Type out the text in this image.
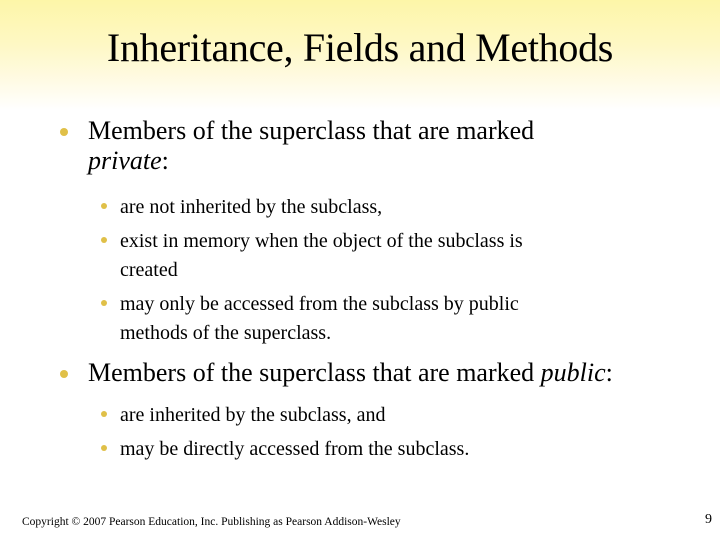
Inheritance, Fields and Methods
Members of the superclass that are marked
private:
are not inherited by the subclass,
exist in memory when the object of the subclass is
created
may only be accessed from the subclass by public
methods of the superclass.
Members of the superclass that are marked public:
are inherited by the subclass, and
may be directly accessed from the subclass.
Copyright © 2007 Pearson Education, Inc. Publishing as Pearson Addison-Wesley	9
